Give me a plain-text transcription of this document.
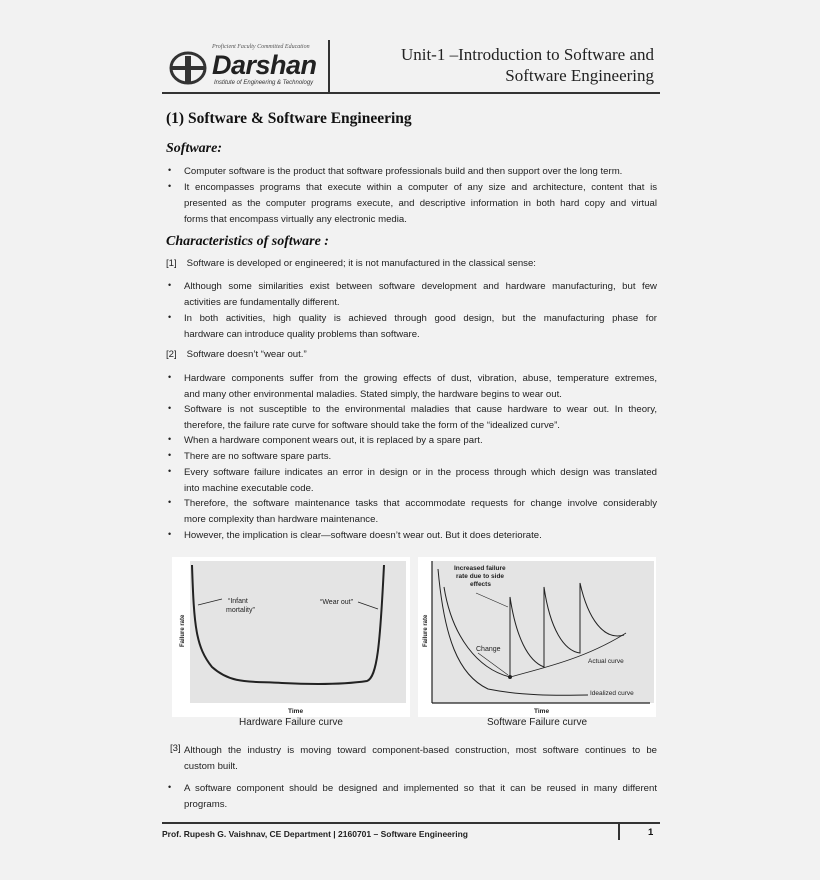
Proficient Faculty Committed Education
Darshan
Institute of Engineering & Technology
Unit-1 –Introduction to Software and
Software Engineering
(1) Software & Software Engineering
Software:
• Computer software is the product that software professionals build and then support over the long term.
• It encompasses programs that execute within a computer of any size and architecture, content that is
presented as the computer programs execute, and descriptive information in both hard copy and virtual
forms that encompass virtually any electronic media.
Characteristics of software :
[1] Software is developed or engineered; it is not manufactured in the classical sense:
• Although some similarities exist between software development and hardware manufacturing, but few
activities are fundamentally different.
• In both activities, high quality is achieved through good design, but the manufacturing phase for
hardware can introduce quality problems than software.
[2] Software doesn’t “wear out.”
• Hardware components suffer from the growing effects of dust, vibration, abuse, temperature extremes,
and many other environmental maladies. Stated simply, the hardware begins to wear out.
• Software is not susceptible to the environmental maladies that cause hardware to wear out. In theory,
therefore, the failure rate curve for software should take the form of the “idealized curve”.
• When a hardware component wears out, it is replaced by a spare part.
• There are no software spare parts.
• Every software failure indicates an error in design or in the process through which design was translated
into machine executable code.
• Therefore, the software maintenance tasks that accommodate requests for change involve considerably
more complexity than hardware maintenance.
• However, the implication is clear—software doesn’t wear out. But it does deteriorate.
[3] Although the industry is moving toward component-based construction, most software continues to be
custom built.
• A software component should be designed and implemented so that it can be reused in many different
programs.
“Infant
mortality”
“Wear out”
Failure rate
Time
Hardware Failure curve
Increased failure
rate due to side
effects
Change
Actual curve
Idealized curve
Failure rate
Time
Software Failure curve
Prof. Rupesh G. Vaishnav, CE Department | 2160701 – Software Engineering	1
